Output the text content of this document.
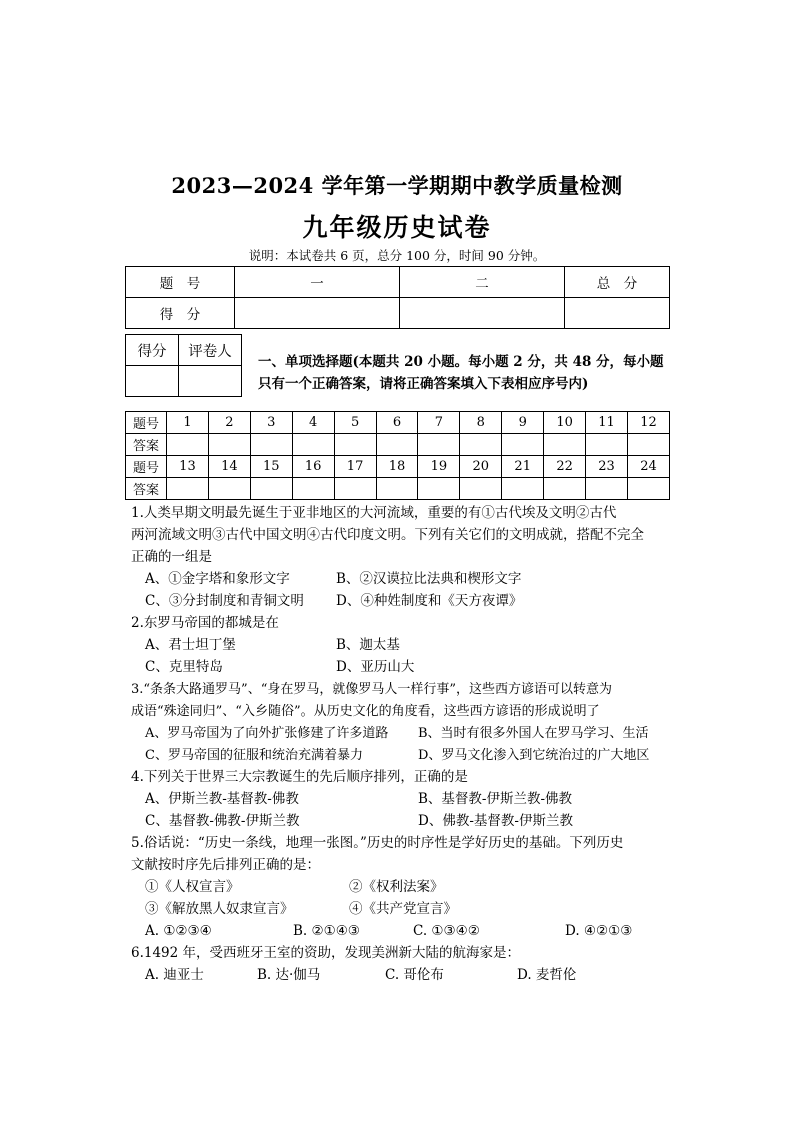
2023—2024 学年第一学期期中教学质量检测
九年级历史试卷
说明：本试卷共 6 页，总分 100 分，时间 90 分钟。
题　号	一	二	总　分
得　分			
得分	评卷人

一、单项选择题(本题共 20 小题。每小题 2 分，共 48 分，每小题
只有一个正确答案，请将正确答案填入下表相应序号内)
题号	1	2	3	4	5	6	7	8	9	10	11	12
答案												
题号	13	14	15	16	17	18	19	20	21	22	23	24
答案												
1.人类早期文明最先诞生于亚非地区的大河流域，重要的有①古代埃及文明②古代
两河流域文明③古代中国文明④古代印度文明。下列有关它们的文明成就，搭配不完全
正确的一组是
A、①金字塔和象形文字	B、②汉谟拉比法典和楔形文字
C、③分封制度和青铜文明 D、④种姓制度和《天方夜谭》
2.东罗马帝国的都城是在
A、君士坦丁堡	B、迦太基
C、克里特岛	D、亚历山大
3.“条条大路通罗马”、“身在罗马，就像罗马人一样行事”，这些西方谚语可以转意为
成语“殊途同归”、“入乡随俗”。从历史文化的角度看，这些西方谚语的形成说明了
A、罗马帝国为了向外扩张修建了许多道路 B、当时有很多外国人在罗马学习、生活
C、罗马帝国的征服和统治充满着暴力	D、罗马文化渗入到它统治过的广大地区
4.下列关于世界三大宗教诞生的先后顺序排列，正确的是
A、伊斯兰教-基督教-佛教	B、基督教-伊斯兰教-佛教
C、基督教-佛教-伊斯兰教	D、佛教-基督教-伊斯兰教
5.俗话说：“历史一条线，地理一张图。”历史的时序性是学好历史的基础。下列历史
文献按时序先后排列正确的是：
①《人权宣言》	②《权利法案》
③《解放黑人奴隶宣言》	④《共产党宣言》
A. ①②③④	B. ②①④③	C. ①③④②	D. ④②①③
6.1492 年，受西班牙王室的资助，发现美洲新大陆的航海家是：
A. 迪亚士	B. 达·伽马	C. 哥伦布	D. 麦哲伦
